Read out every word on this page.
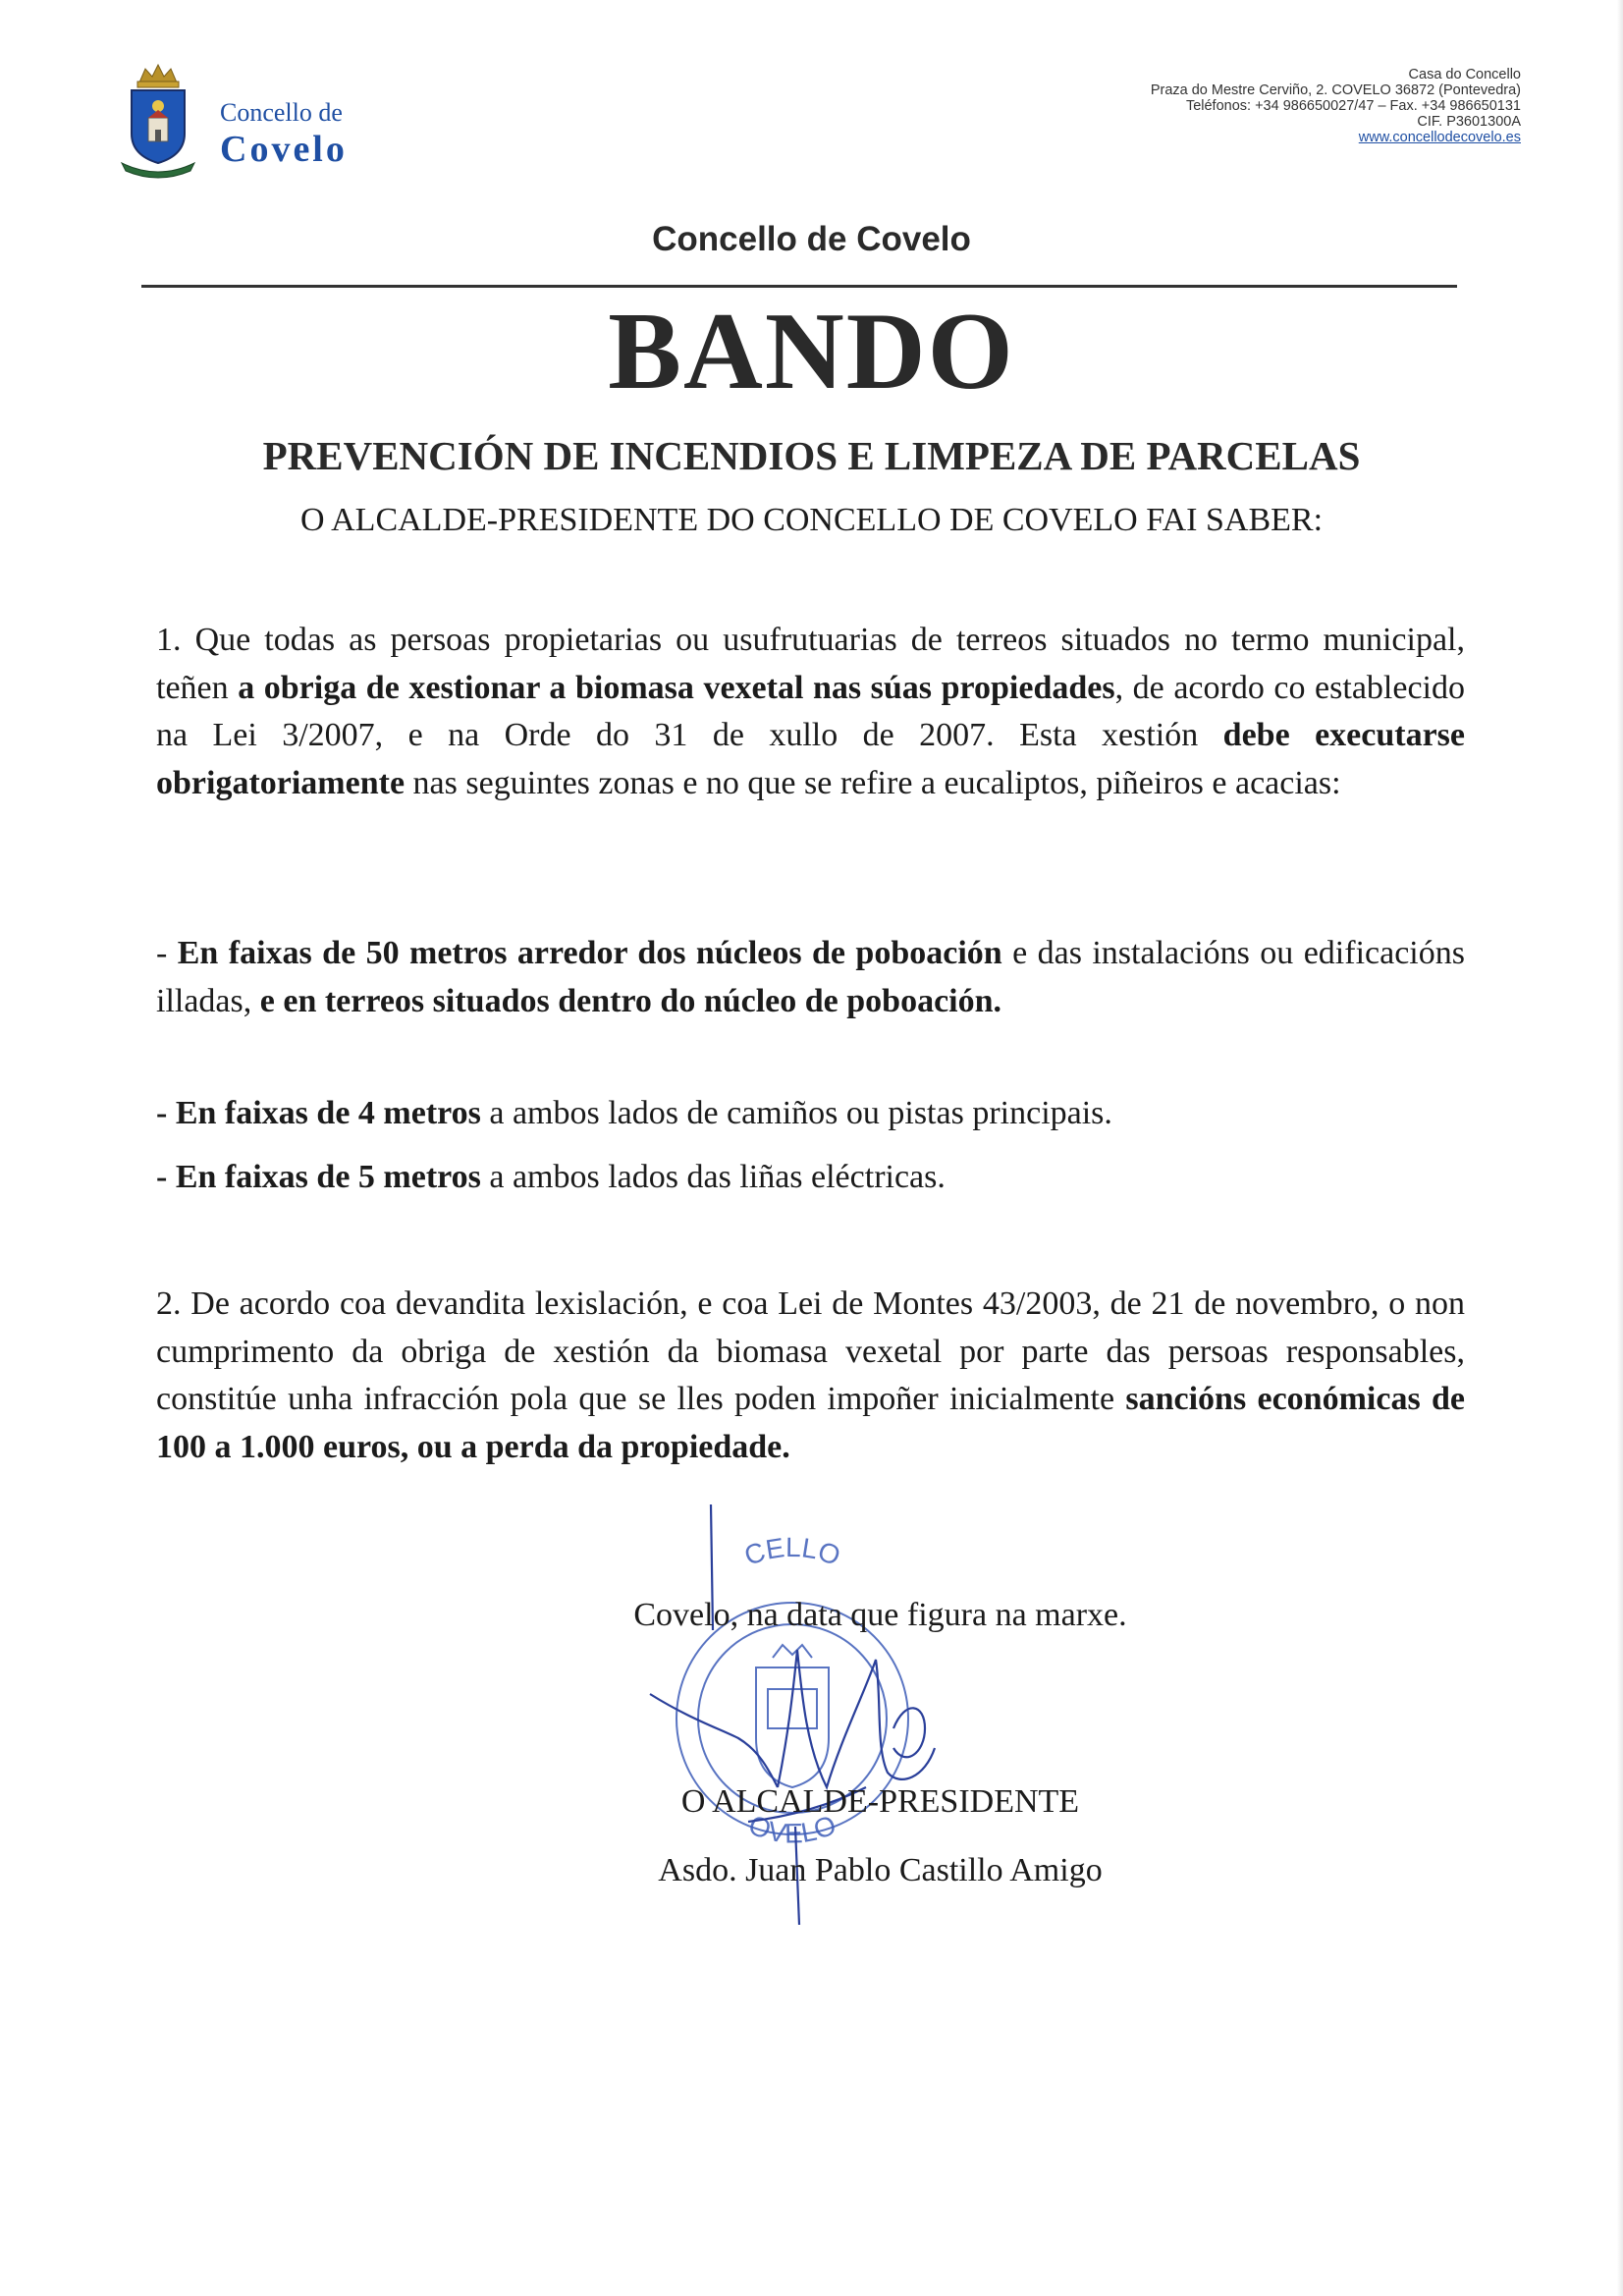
Concello de
Covelo
Casa do Concello
Praza do Mestre Cerviño, 2. COVELO 36872 (Pontevedra)
Teléfonos: +34 986650027/47 – Fax. +34 986650131
CIF. P3601300A
www.concellodecovelo.es
Concello de Covelo
BANDO
PREVENCIÓN DE INCENDIOS E LIMPEZA DE PARCELAS
O ALCALDE-PRESIDENTE DO CONCELLO DE COVELO FAI SABER:

1. Que todas as persoas propietarias ou usufrutuarias de terreos situados no termo municipal, teñen a obriga de xestionar a biomasa vexetal nas súas propiedades, de acordo co establecido na Lei 3/2007, e na Orde do 31 de xullo de 2007. Esta xestión debe executarse obrigatoriamente nas seguintes zonas e no que se refire a eucaliptos, piñeiros e acacias:

- En faixas de 50 metros arredor dos núcleos de poboación e das instalacións ou edificacións illadas, e en terreos situados dentro do núcleo de poboación.

- En faixas de 4 metros a ambos lados de camiños ou pistas principais.

- En faixas de 5 metros a ambos lados das liñas eléctricas.

2. De acordo coa devandita lexislación, e coa Lei de Montes 43/2003, de 21 de novembro, o non cumprimento da obriga de xestión da biomasa vexetal por parte das persoas responsables, constitúe unha infracción pola que se lles poden impoñer inicialmente sancións económicas de 100 a 1.000 euros, ou a perda da propiedade.

CELLO
OVELO
Covelo, na data que figura na marxe.
O ALCALDE-PRESIDENTE
Asdo. Juan Pablo Castillo Amigo
